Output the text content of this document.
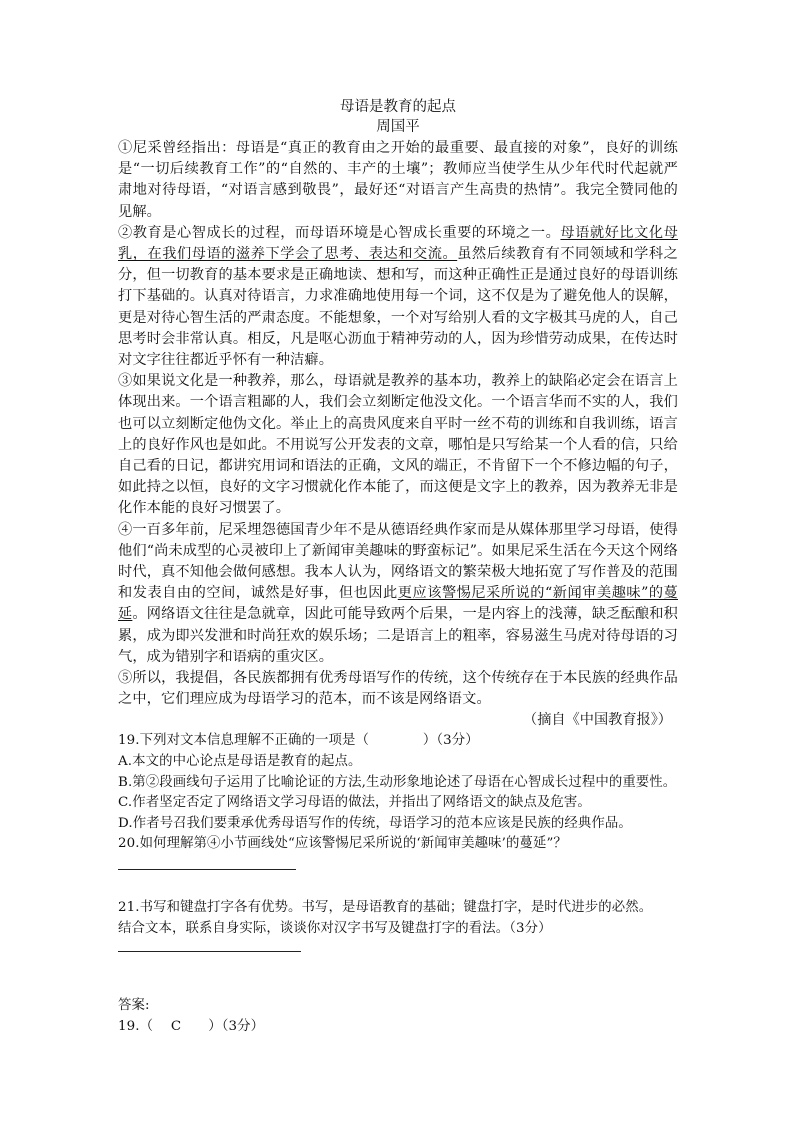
母语是教育的起点

周国平

①尼采曾经指出：母语是“真正的教育由之开始的最重要、最直接的对象”，良好的训练是“一切后续教育工作”的“自然的、丰产的土壤”；教师应当使学生从少年代时代起就严肃地对待母语，“对语言感到敬畏”，最好还“对语言产生高贵的热情”。我完全赞同他的见解。

②教育是心智成长的过程，而母语环境是心智成长重要的环境之一。母语就好比文化母乳，在我们母语的滋养下学会了思考、表达和交流。虽然后续教育有不同领域和学科之分，但一切教育的基本要求是正确地读、想和写，而这种正确性正是通过良好的母语训练打下基础的。认真对待语言，力求准确地使用每一个词，这不仅是为了避免他人的误解，更是对待心智生活的严肃态度。不能想象，一个对写给别人看的文字极其马虎的人，自己思考时会非常认真。相反，凡是呕心沥血于精神劳动的人，因为珍惜劳动成果，在传达时对文字往往都近乎怀有一种洁癖。

③如果说文化是一种教养，那么，母语就是教养的基本功，教养上的缺陷必定会在语言上体现出来。一个语言粗鄙的人，我们会立刻断定他没文化。一个语言华而不实的人，我们也可以立刻断定他伪文化。举止上的高贵风度来自平时一丝不苟的训练和自我训练，语言上的良好作风也是如此。不用说写公开发表的文章，哪怕是只写给某一个人看的信，只给自己看的日记，都讲究用词和语法的正确，文风的端正，不肯留下一个不修边幅的句子，如此持之以恒，良好的文字习惯就化作本能了，而这便是文字上的教养，因为教养无非是化作本能的良好习惯罢了。

④一百多年前，尼采埋怨德国青少年不是从德语经典作家而是从媒体那里学习母语，使得他们“尚未成型的心灵被印上了新闻审美趣味的野蛮标记”。如果尼采生活在今天这个网络时代，真不知他会做何感想。我本人认为，网络语文的繁荣极大地拓宽了写作普及的范围和发表自由的空间，诚然是好事，但也因此更应该警惕尼采所说的“新闻审美趣味”的蔓延。网络语文往往是急就章，因此可能导致两个后果，一是内容上的浅薄，缺乏酝酿和积累，成为即兴发泄和时尚狂欢的娱乐场；二是语言上的粗率，容易滋生马虎对待母语的习气，成为错别字和语病的重灾区。

⑤所以，我提倡，各民族都拥有优秀母语写作的传统，这个传统存在于本民族的经典作品之中，它们理应成为母语学习的范本，而不该是网络语文。

（摘自《中国教育报》）

19.下列对文本信息理解不正确的一项是（　　　　）（3分）

A.本文的中心论点是母语是教育的起点。

B.第②段画线句子运用了比喻论证的方法,生动形象地论述了母语在心智成长过程中的重要性。

C.作者坚定否定了网络语文学习母语的做法，并指出了网络语文的缺点及危害。

D.作者号召我们要秉承优秀母语写作的传统，母语学习的范本应该是民族的经典作品。

20.如何理解第④小节画线处“应该警惕尼采所说的‘新闻审美趣味’的蔓延”？

21.书写和键盘打字各有优势。书写，是母语教育的基础；键盘打字，是时代进步的必然。

结合文本，联系自身实际，谈谈你对汉字书写及键盘打字的看法。（3分）

答案:

19.（　 C　　）（3分）
